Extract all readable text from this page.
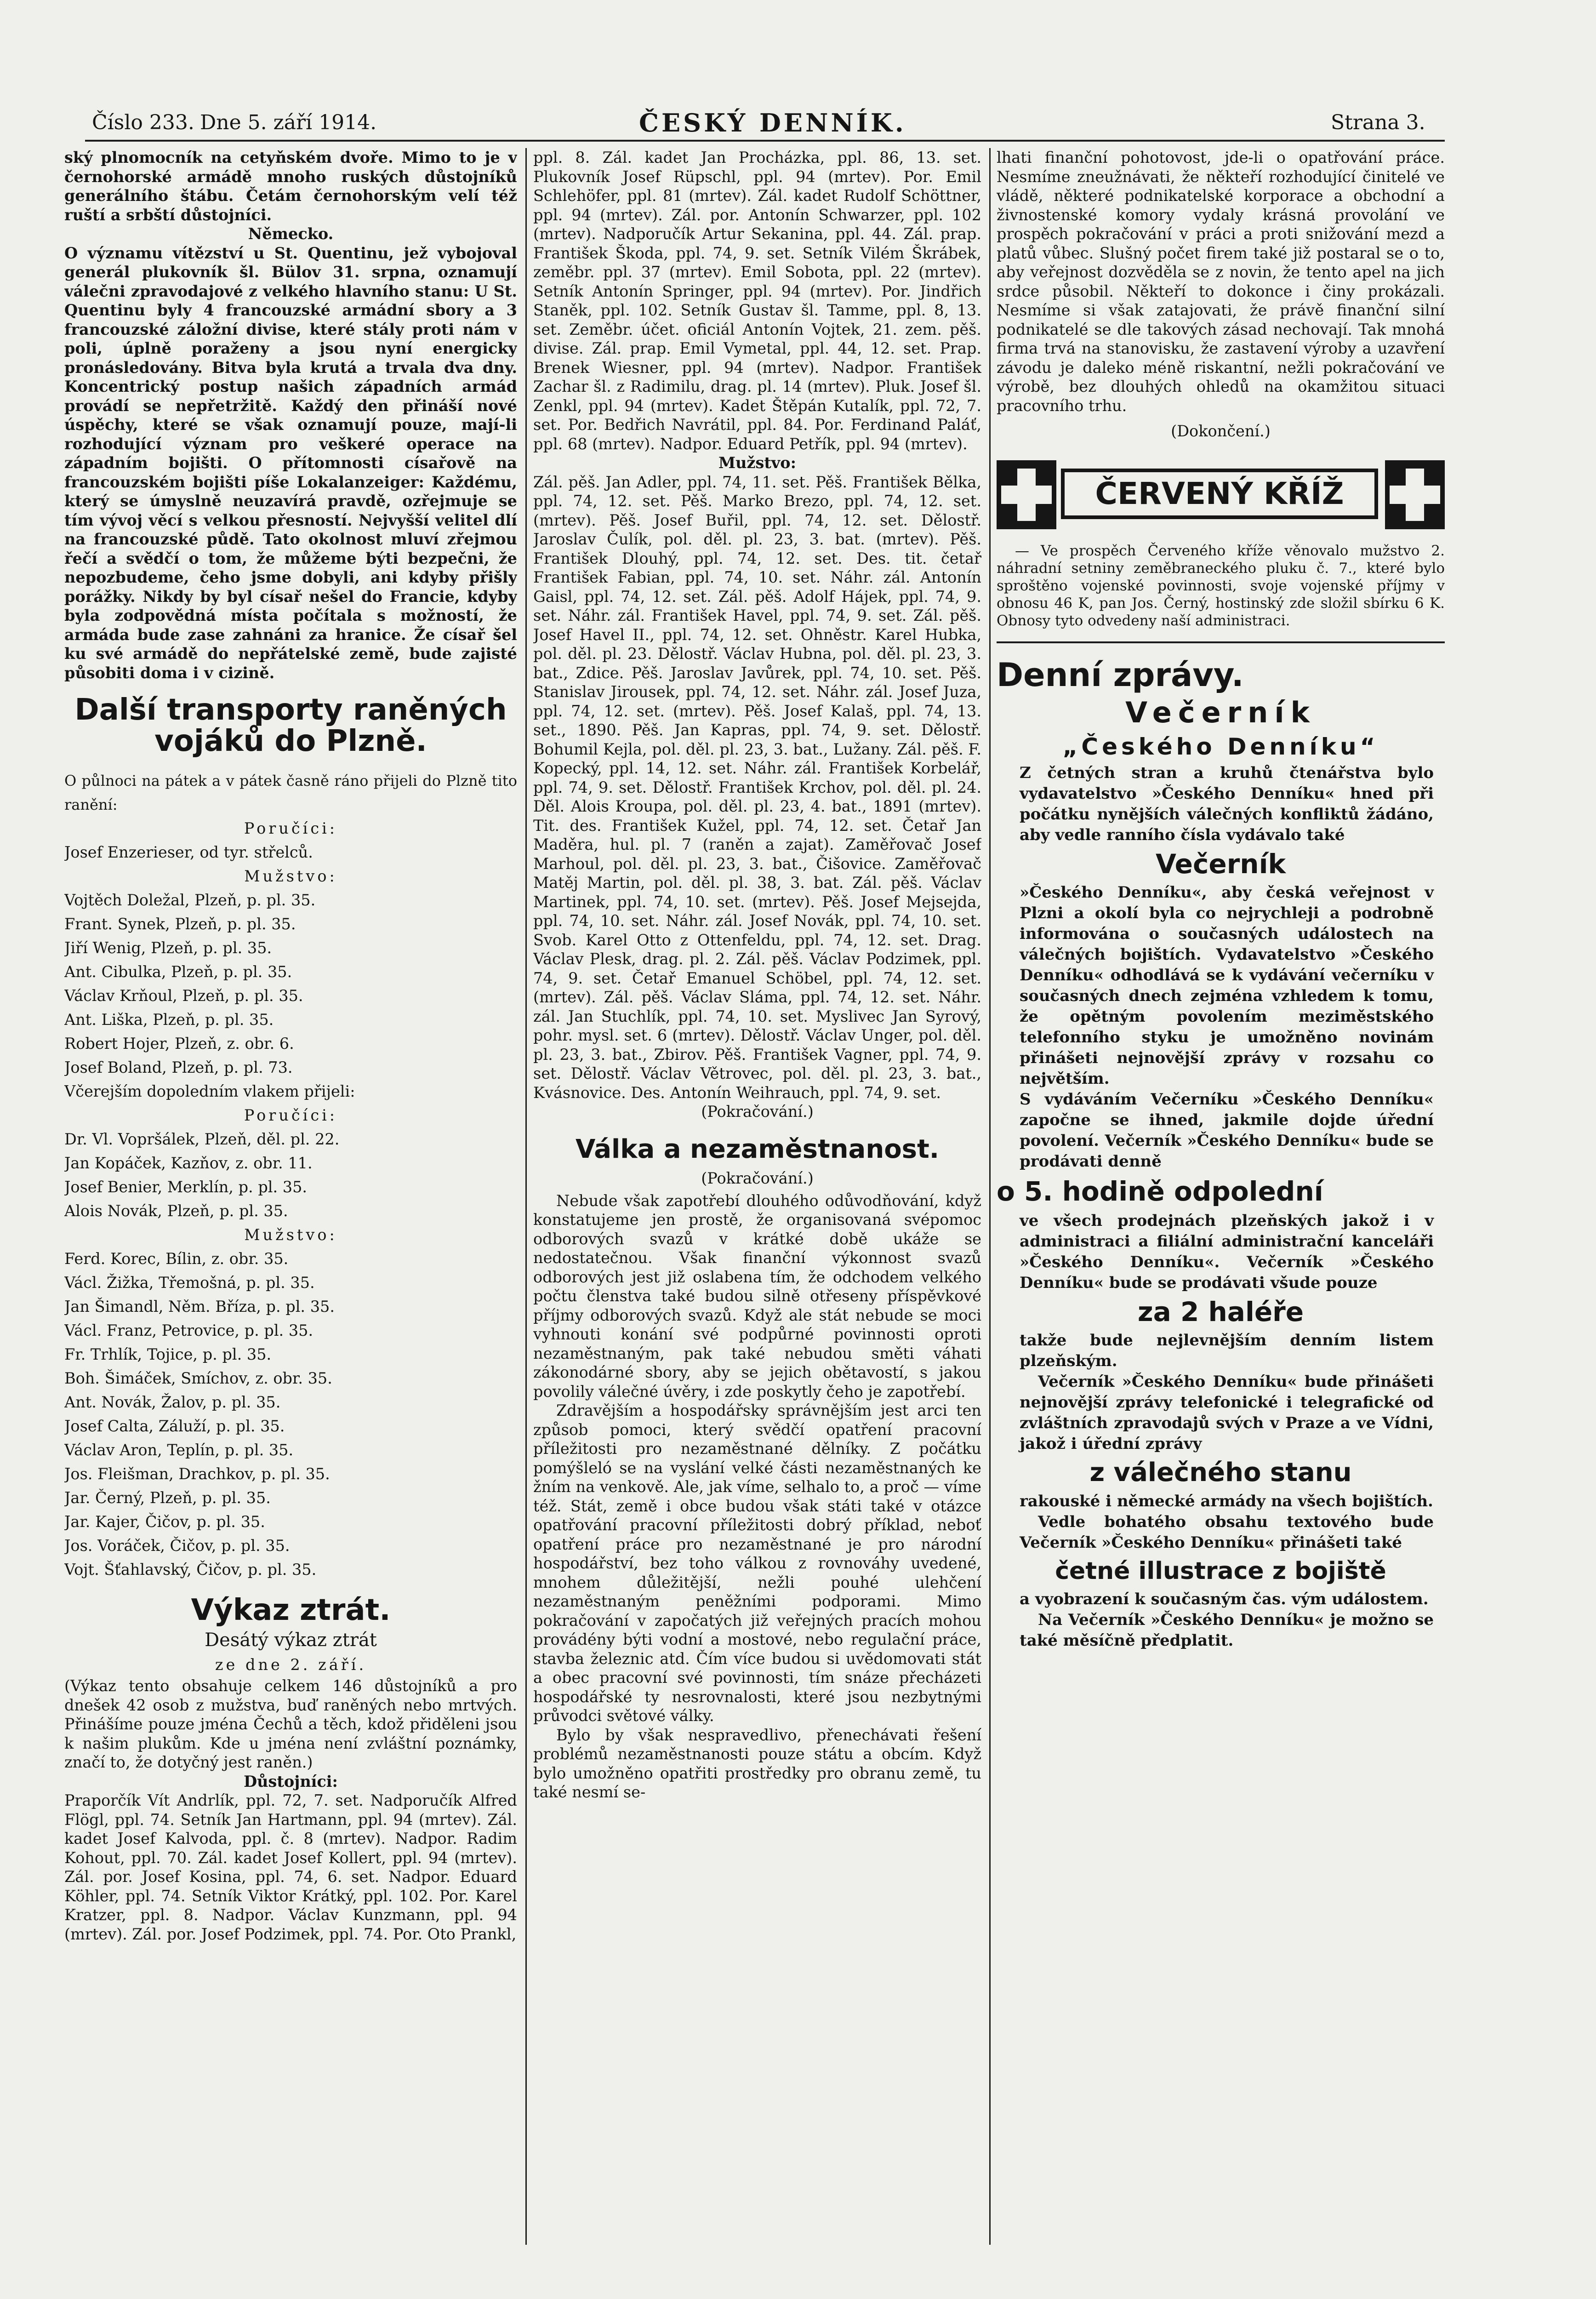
Číslo 233. Dne 5. září 1914.	ČESKÝ DENNÍK.	Strana 3.

ský plnomocník na cetyňském dvoře. Mimo to je v černohorské armádě mnoho ruských důstojníků generálního štábu. Četám černohorským velí též ruští a srbští důstojníci.

Německo.

O významu vítězství u St. Quentinu, jež vybojoval generál plukovník šl. Bülov 31. srpna, oznamují válečni zpravodajové z velkého hlavního stanu: U St. Quentinu byly 4 francouzské armádní sbory a 3 francouzské záložní divise, které stály proti nám v poli, úplně poraženy a jsou nyní energicky pronásledovány. Bitva byla krutá a trvala dva dny. Koncentrický postup našich západních armád provádí se nepřetržitě. Každý den přináší nové úspěchy, které se však oznamují pouze, mají-li rozhodující význam pro veškeré operace na západním bojišti. O přítomnosti císařově na francouzském bojišti píše Lokalanzeiger: Každému, který se úmyslně neuzavírá pravdě, ozřejmuje se tím vývoj věcí s velkou přesností. Nejvyšší velitel dlí na francouzské půdě. Tato okolnost mluví zřejmou řečí a svědčí o tom, že můžeme býti bezpečni, že nepozbudeme, čeho jsme dobyli, ani kdyby přišly porážky. Nikdy by byl císař nešel do Francie, kdyby byla zodpovědná místa počítala s možností, že armáda bude zase zahnáni za hranice. Že císař šel ku své armádě do nepřátelské země, bude zajisté působiti doma i v cizině.

Další transporty raněných vojáků do Plzně.

O půlnoci na pátek a v pátek časně ráno přijeli do Plzně tito ranění:

Poručíci:

Josef Enzerieser, od tyr. střelců.

Mužstvo:

Vojtěch Doležal, Plzeň, p. pl. 35.

Frant. Synek, Plzeň, p. pl. 35.

Jiří Wenig, Plzeň, p. pl. 35.

Ant. Cibulka, Plzeň, p. pl. 35.

Václav Krňoul, Plzeň, p. pl. 35.

Ant. Liška, Plzeň, p. pl. 35.

Robert Hojer, Plzeň, z. obr. 6.

Josef Boland, Plzeň, p. pl. 73.

Včerejším dopoledním vlakem přijeli:

Poručíci:

Dr. Vl. Vopršálek, Plzeň, děl. pl. 22.

Jan Kopáček, Kazňov, z. obr. 11.

Josef Benier, Merklín, p. pl. 35.

Alois Novák, Plzeň, p. pl. 35.

Mužstvo:

Ferd. Korec, Bílin, z. obr. 35.

Václ. Žižka, Třemošná, p. pl. 35.

Jan Šimandl, Něm. Bříza, p. pl. 35.

Václ. Franz, Petrovice, p. pl. 35.

Fr. Trhlík, Tojice, p. pl. 35.

Boh. Šimáček, Smíchov, z. obr. 35.

Ant. Novák, Žalov, p. pl. 35.

Josef Calta, Záluží, p. pl. 35.

Václav Aron, Teplín, p. pl. 35.

Jos. Fleišman, Drachkov, p. pl. 35.

Jar. Černý, Plzeň, p. pl. 35.

Jar. Kajer, Čičov, p. pl. 35.

Jos. Voráček, Čičov, p. pl. 35.

Vojt. Šťahlavský, Čičov, p. pl. 35.

Výkaz ztrát.

Desátý výkaz ztrát

ze dne 2. září.

(Výkaz tento obsahuje celkem 146 důstojníků a pro dnešek 42 osob z mužstva, buď raněných nebo mrtvých. Přinášíme pouze jména Čechů a těch, kdož přiděleni jsou k našim plukům. Kde u jména není zvláštní poznámky, značí to, že dotyčný jest raněn.)

Důstojníci:

Praporčík Vít Andrlík, ppl. 72, 7. set. Nadporučík Alfred Flögl, ppl. 74. Setník Jan Hartmann, ppl. 94 (mrtev). Zál. kadet Josef Kalvoda, ppl. č. 8 (mrtev). Nadpor. Radim Kohout, ppl. 70. Zál. kadet Josef Kollert, ppl. 94 (mrtev). Zál. por. Josef Kosina, ppl. 74, 6. set. Nadpor. Eduard Köhler, ppl. 74. Setník Viktor Krátký, ppl. 102. Por. Karel Kratzer, ppl. 8. Nadpor. Václav Kunzmann, ppl. 94 (mrtev). Zál. por. Josef Podzimek, ppl. 74. Por. Oto Prankl,

ppl. 8. Zál. kadet Jan Procházka, ppl. 86, 13. set. Plukovník Josef Rüpschl, ppl. 94 (mrtev). Por. Emil Schlehöfer, ppl. 81 (mrtev). Zál. kadet Rudolf Schöttner, ppl. 94 (mrtev). Zál. por. Antonín Schwarzer, ppl. 102 (mrtev). Nadporučík Artur Sekanina, ppl. 44. Zál. prap. František Škoda, ppl. 74, 9. set. Setník Vilém Škrábek, zeměbr. ppl. 37 (mrtev). Emil Sobota, ppl. 22 (mrtev). Setník Antonín Springer, ppl. 94 (mrtev). Por. Jindřich Staněk, ppl. 102. Setník Gustav šl. Tamme, ppl. 8, 13. set. Zeměbr. účet. oficiál Antonín Vojtek, 21. zem. pěš. divise. Zál. prap. Emil Vymetal, ppl. 44, 12. set. Prap. Brenek Wiesner, ppl. 94 (mrtev). Nadpor. František Zachar šl. z Radimilu, drag. pl. 14 (mrtev). Pluk. Josef šl. Zenkl, ppl. 94 (mrtev). Kadet Štěpán Kutalík, ppl. 72, 7. set. Por. Bedřich Navrátil, ppl. 84. Por. Ferdinand Paláť, ppl. 68 (mrtev). Nadpor. Eduard Petřík, ppl. 94 (mrtev).

Mužstvo:

Zál. pěš. Jan Adler, ppl. 74, 11. set. Pěš. František Bělka, ppl. 74, 12. set. Pěš. Marko Brezo, ppl. 74, 12. set. (mrtev). Pěš. Josef Buřil, ppl. 74, 12. set. Dělostř. Jaroslav Čulík, pol. děl. pl. 23, 3. bat. (mrtev). Pěš. František Dlouhý, ppl. 74, 12. set. Des. tit. četař František Fabian, ppl. 74, 10. set. Náhr. zál. Antonín Gaisl, ppl. 74, 12. set. Zál. pěš. Adolf Hájek, ppl. 74, 9. set. Náhr. zál. František Havel, ppl. 74, 9. set. Zál. pěš. Josef Havel II., ppl. 74, 12. set. Ohněstr. Karel Hubka, pol. děl. pl. 23. Dělostř. Václav Hubna, pol. děl. pl. 23, 3. bat., Zdice. Pěš. Jaroslav Javůrek, ppl. 74, 10. set. Pěš. Stanislav Jirousek, ppl. 74, 12. set. Náhr. zál. Josef Juza, ppl. 74, 12. set. (mrtev). Pěš. Josef Kalaš, ppl. 74, 13. set., 1890. Pěš. Jan Kapras, ppl. 74, 9. set. Dělostř. Bohumil Kejla, pol. děl. pl. 23, 3. bat., Lužany. Zál. pěš. F. Kopecký, ppl. 14, 12. set. Náhr. zál. František Korbelář, ppl. 74, 9. set. Dělostř. František Krchov, pol. děl. pl. 24. Děl. Alois Kroupa, pol. děl. pl. 23, 4. bat., 1891 (mrtev). Tit. des. František Kužel, ppl. 74, 12. set. Četař Jan Maděra, hul. pl. 7 (raněn a zajat). Zaměřovač Josef Marhoul, pol. děl. pl. 23, 3. bat., Čišovice. Zaměřovač Matěj Martin, pol. děl. pl. 38, 3. bat. Zál. pěš. Václav Martinek, ppl. 74, 10. set. (mrtev). Pěš. Josef Mejsejda, ppl. 74, 10. set. Náhr. zál. Josef Novák, ppl. 74, 10. set. Svob. Karel Otto z Ottenfeldu, ppl. 74, 12. set. Drag. Václav Plesk, drag. pl. 2. Zál. pěš. Václav Podzimek, ppl. 74, 9. set. Četař Emanuel Schöbel, ppl. 74, 12. set. (mrtev). Zál. pěš. Václav Sláma, ppl. 74, 12. set. Náhr. zál. Jan Stuchlík, ppl. 74, 10. set. Myslivec Jan Syrový, pohr. mysl. set. 6 (mrtev). Dělostř. Václav Unger, pol. děl. pl. 23, 3. bat., Zbirov. Pěš. František Vagner, ppl. 74, 9. set. Dělostř. Václav Větrovec, pol. děl. pl. 23, 3. bat., Kvásnovice. Des. Antonín Weihrauch, ppl. 74, 9. set.

(Pokračování.)

Válka a nezaměstnanost.

(Pokračování.)

Nebude však zapotřebí dlouhého odůvodňování, když konstatujeme jen prostě, že organisovaná svépomoc odborových svazů v krátké době ukáže se nedostatečnou. Však finanční výkonnost svazů odborových jest již oslabena tím, že odchodem velkého počtu členstva také budou silně otřeseny příspěvkové příjmy odborových svazů. Když ale stát nebude se moci vyhnouti konání své podpůrné povinnosti oproti nezaměstnaným, pak také nebudou směti váhati zákonodárné sbory, aby se jejich obětavostí, s jakou povolily válečné úvěry, i zde poskytly čeho je zapotřebí.

Zdravějším a hospodářsky správnějším jest arci ten způsob pomoci, který svědčí opatření pracovní příležitosti pro nezaměstnané dělníky. Z počátku pomýšleló se na vyslání velké části nezaměstnaných ke žním na venkově. Ale, jak víme, selhalo to, a proč — víme též. Stát, země i obce budou však státi také v otázce opatřování pracovní příležitosti dobrý příklad, neboť opatření práce pro nezaměstnané je pro národní hospodářství, bez toho válkou z rovnováhy uvedené, mnohem důležitější, nežli pouhé ulehčení nezaměstnaným peněžními podporami. Mimo pokračování v započatých již veřejných pracích mohou provádény býti vodní a mostové, nebo regulační práce, stavba železnic atd. Čím více budou si uvědomovati stát a obec pracovní své povinnosti, tím snáze přecházeti hospodářské ty nesrovnalosti, které jsou nezbytnými průvodci světové války.

Bylo by však nespravedlivo, přenechávati řešení problémů nezaměstnanosti pouze státu a obcím. Když bylo umožněno opatřiti prostředky pro obranu země, tu také nesmí se-

lhati finanční pohotovost, jde-li o opatřování práce. Nesmíme zneužnávati, že někteří rozhodující činitelé ve vládě, některé podnikatelské korporace a obchodní a živnostenské komory vydaly krásná provolání ve prospěch pokračování v práci a proti snižování mezd a platů vůbec. Slušný počet firem také již postaral se o to, aby veřejnost dozvěděla se z novin, že tento apel na jich srdce působil. Někteří to dokonce i činy prokázali. Nesmíme si však zatajovati, že právě finanční silní podnikatelé se dle takových zásad nechovají. Tak mnohá firma trvá na stanovisku, že zastavení výroby a uzavření závodu je daleko méně riskantní, nežli pokračování ve výrobě, bez dlouhých ohledů na okamžitou situaci pracovního trhu.

(Dokončení.)

ČERVENÝ KŘÍŽ

— Ve prospěch Červeného kříže věnovalo mužstvo 2. náhradní setniny zeměbraneckého pluku č. 7., které bylo sproštěno vojenské povinnosti, svoje vojenské příjmy v obnosu 46 K, pan Jos. Černý, hostinský zde složil sbírku 6 K. Obnosy tyto odvedeny naší administraci.

Denní zprávy.

Večerník

„Českého Denníku“

Z četných stran a kruhů čtenářstva bylo vydavatelstvo »Českého Denníku« hned při počátku nynějších válečných konfliktů žádáno, aby vedle ranního čísla vydávalo také

Večerník

»Českého Denníku«, aby česká veřejnost v Plzni a okolí byla co nejrychleji a podrobně informována o současných událostech na válečných bojištích. Vydavatelstvo »Českého Denníku« odhodlává se k vydávání večerníku v současných dnech zejména vzhledem k tomu, že opětným povolením meziměstského telefonního styku je umožněno novinám přinášeti nejnovější zprávy v rozsahu co největším.

S vydáváním Večerníku »Českého Denníku« započne se ihned, jakmile dojde úřední povolení. Večerník »Českého Denníku« bude se prodávati denně

o 5. hodině odpolední

ve všech prodejnách plzeňských jakož i v administraci a filiální administrační kanceláři »Českého Denníku«. Večerník »Českého Denníku« bude se prodávati všude pouze

za 2 haléře

takže bude nejlevnějším denním listem plzeňským.

Večerník »Českého Denníku« bude přinášeti nejnovější zprávy telefonické i telegrafické od zvláštních zpravodajů svých v Praze a ve Vídni, jakož i úřední zprávy

z válečného stanu

rakouské i německé armády na všech bojištích.

Vedle bohatého obsahu textového bude Večerník »Českého Denníku« přinášeti také

četné illustrace z bojiště

a vyobrazení k současným čas. vým událostem.

Na Večerník »Českého Denníku« je možno se také měsíčně předplatit.
